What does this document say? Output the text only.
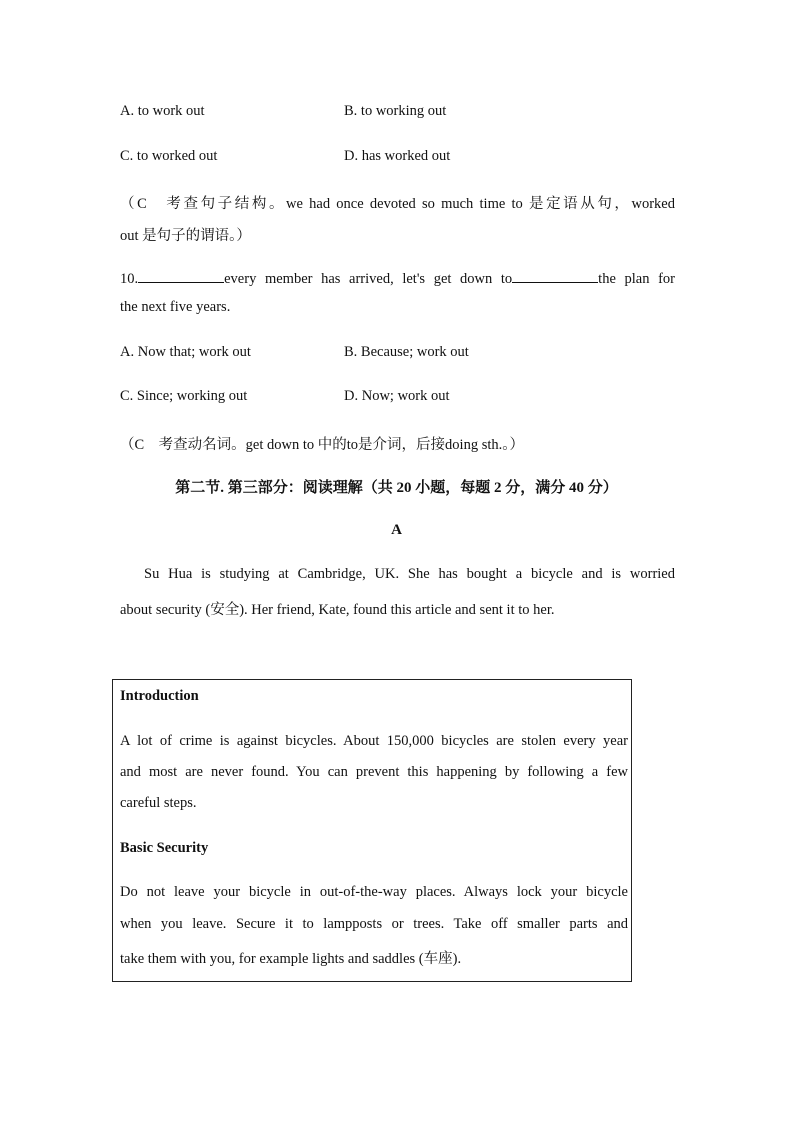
A. to work out	B. to working out
C. to worked out	D. has worked out
（C　考查句子结构。we had once devoted so much time to 是定语从句，worked
out 是句子的谓语。）
10.	every member has arrived, let's get down to	the plan for
the next five years.
A. Now that; work out	B. Because; work out
C. Since; working out	D. Now; work out
（C　考查动名词。get down to 中的to是介词，后接doing sth.。）
第二节. 第三部分：阅读理解（共 20 小题，每题 2 分，满分 40 分）
A
Su Hua is studying at Cambridge, UK. She has bought a bicycle and is worried
about security (安全). Her friend, Kate, found this article and sent it to her.
Introduction
A lot of crime is against bicycles. About 150,000 bicycles are stolen every year
and most are never found. You can prevent this happening by following a few
careful steps.
Basic Security
Do not leave your bicycle in out-of-the-way places. Always lock your bicycle
when you leave. Secure it to lampposts or trees. Take off smaller parts and
take them with you, for example lights and saddles (车座).
